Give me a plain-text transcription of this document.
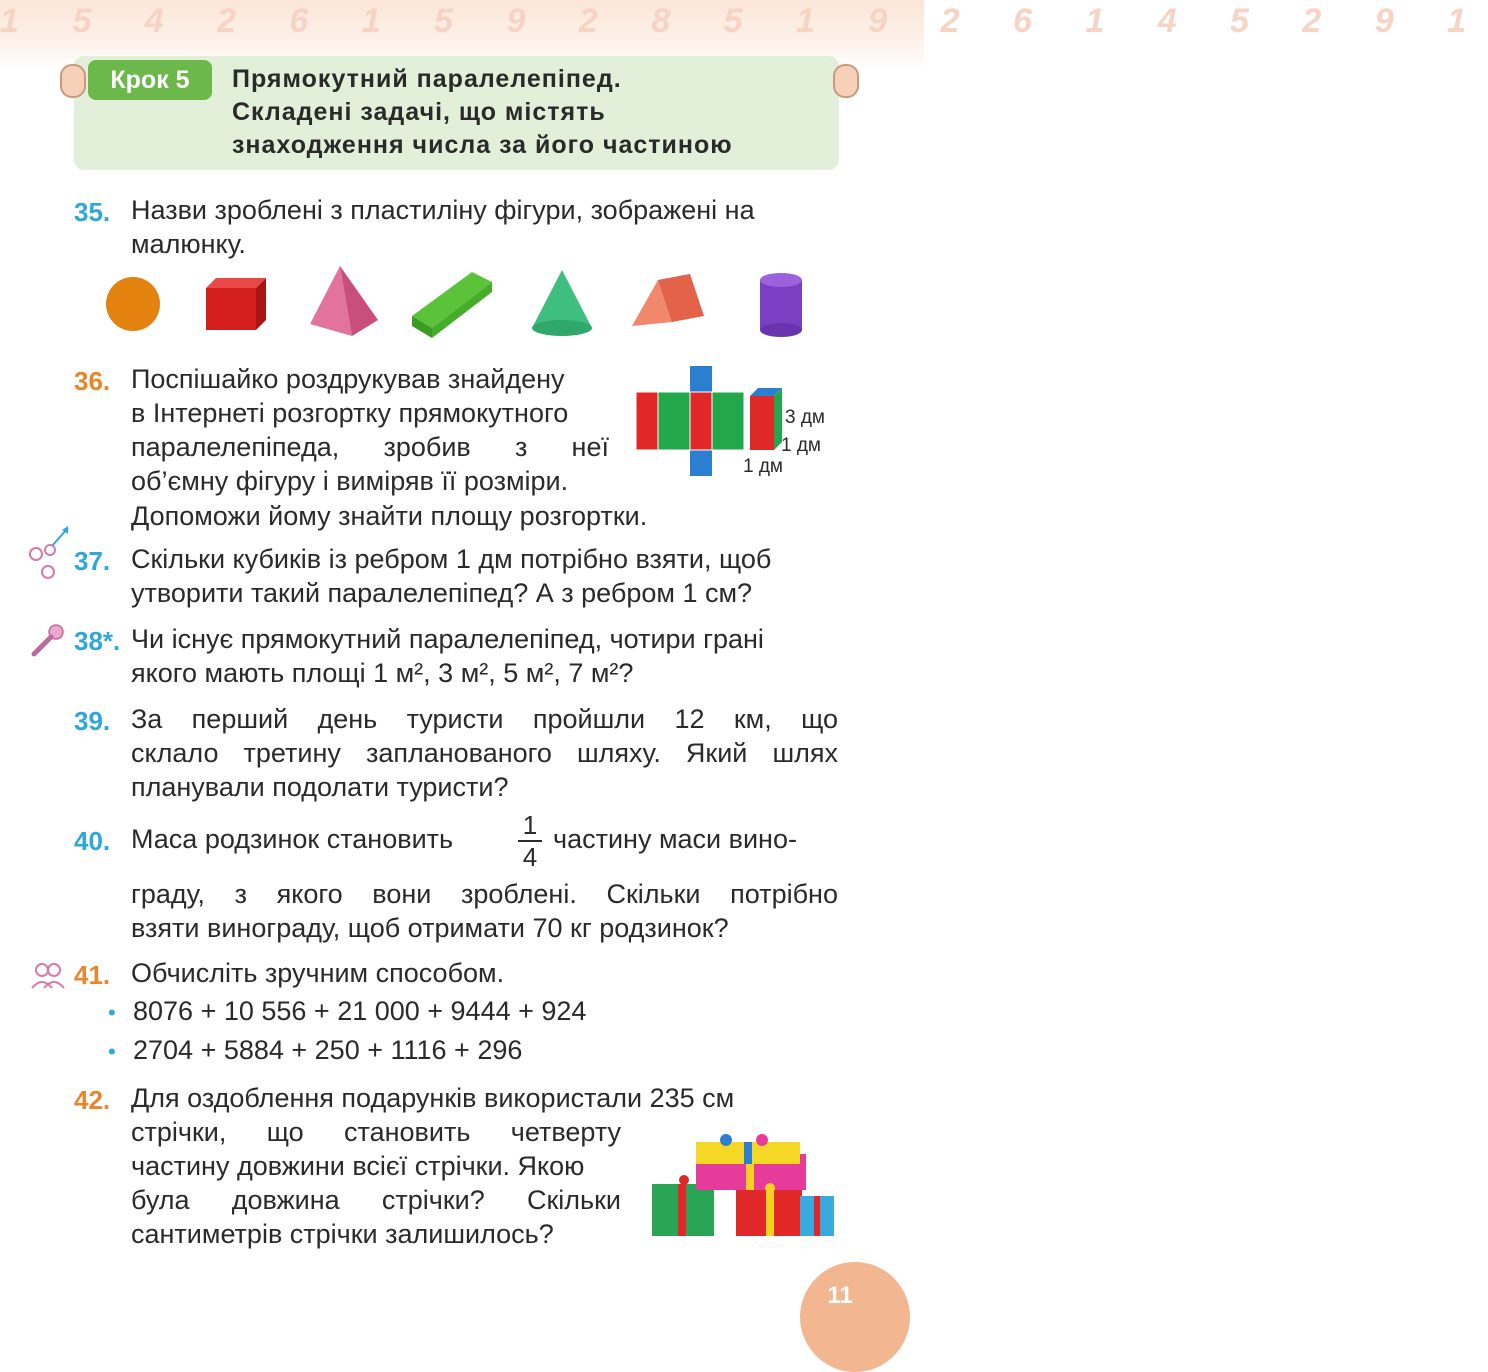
1 5 4 2 6 1 5 9 2 8 5 1 9 2 6 1 4 5 2 9 1
Крок 5	Прямокутний паралелепіпед.
Складені задачі, що містять
знаходження числа за його частиною
35. Назви зроблені з пластиліну фігури, зображені на
малюнку.
36. Поспішайко роздрукував знайдену
в Інтернеті розгортку прямокутного
паралелепіпеда, зробив з неї
об’ємну фігуру і виміряв її розміри.
Допоможи йому знайти площу розгортки.
3 дм
1 дм
1 дм
37. Скільки кубиків із ребром 1 дм потрібно взяти, щоб
утворити такий паралелепіпед? А з ребром 1 см?
38*. Чи існує прямокутний паралелепіпед, чотири грані
якого мають площі 1 м², 3 м², 5 м², 7 м²?
39. За перший день туристи пройшли 12 км, що
склало третину запланованого шляху. Який шлях
планували подолати туристи?
40. Маса родзинок становить	$\frac{1}{4}$ частину маси вино-
граду, з якого вони зроблені. Скільки потрібно
взяти винограду, щоб отримати 70 кг родзинок?
41. Обчисліть зручним способом.
• 8076 + 10 556 + 21 000 + 9444 + 924
• 2704 + 5884 + 250 + 1116 + 296
42. Для оздоблення подарунків використали 235 см
стрічки, що становить четверту
частину довжини всієї стрічки. Якою
була довжина стрічки? Скільки
сантиметрів стрічки залишилось?
11
